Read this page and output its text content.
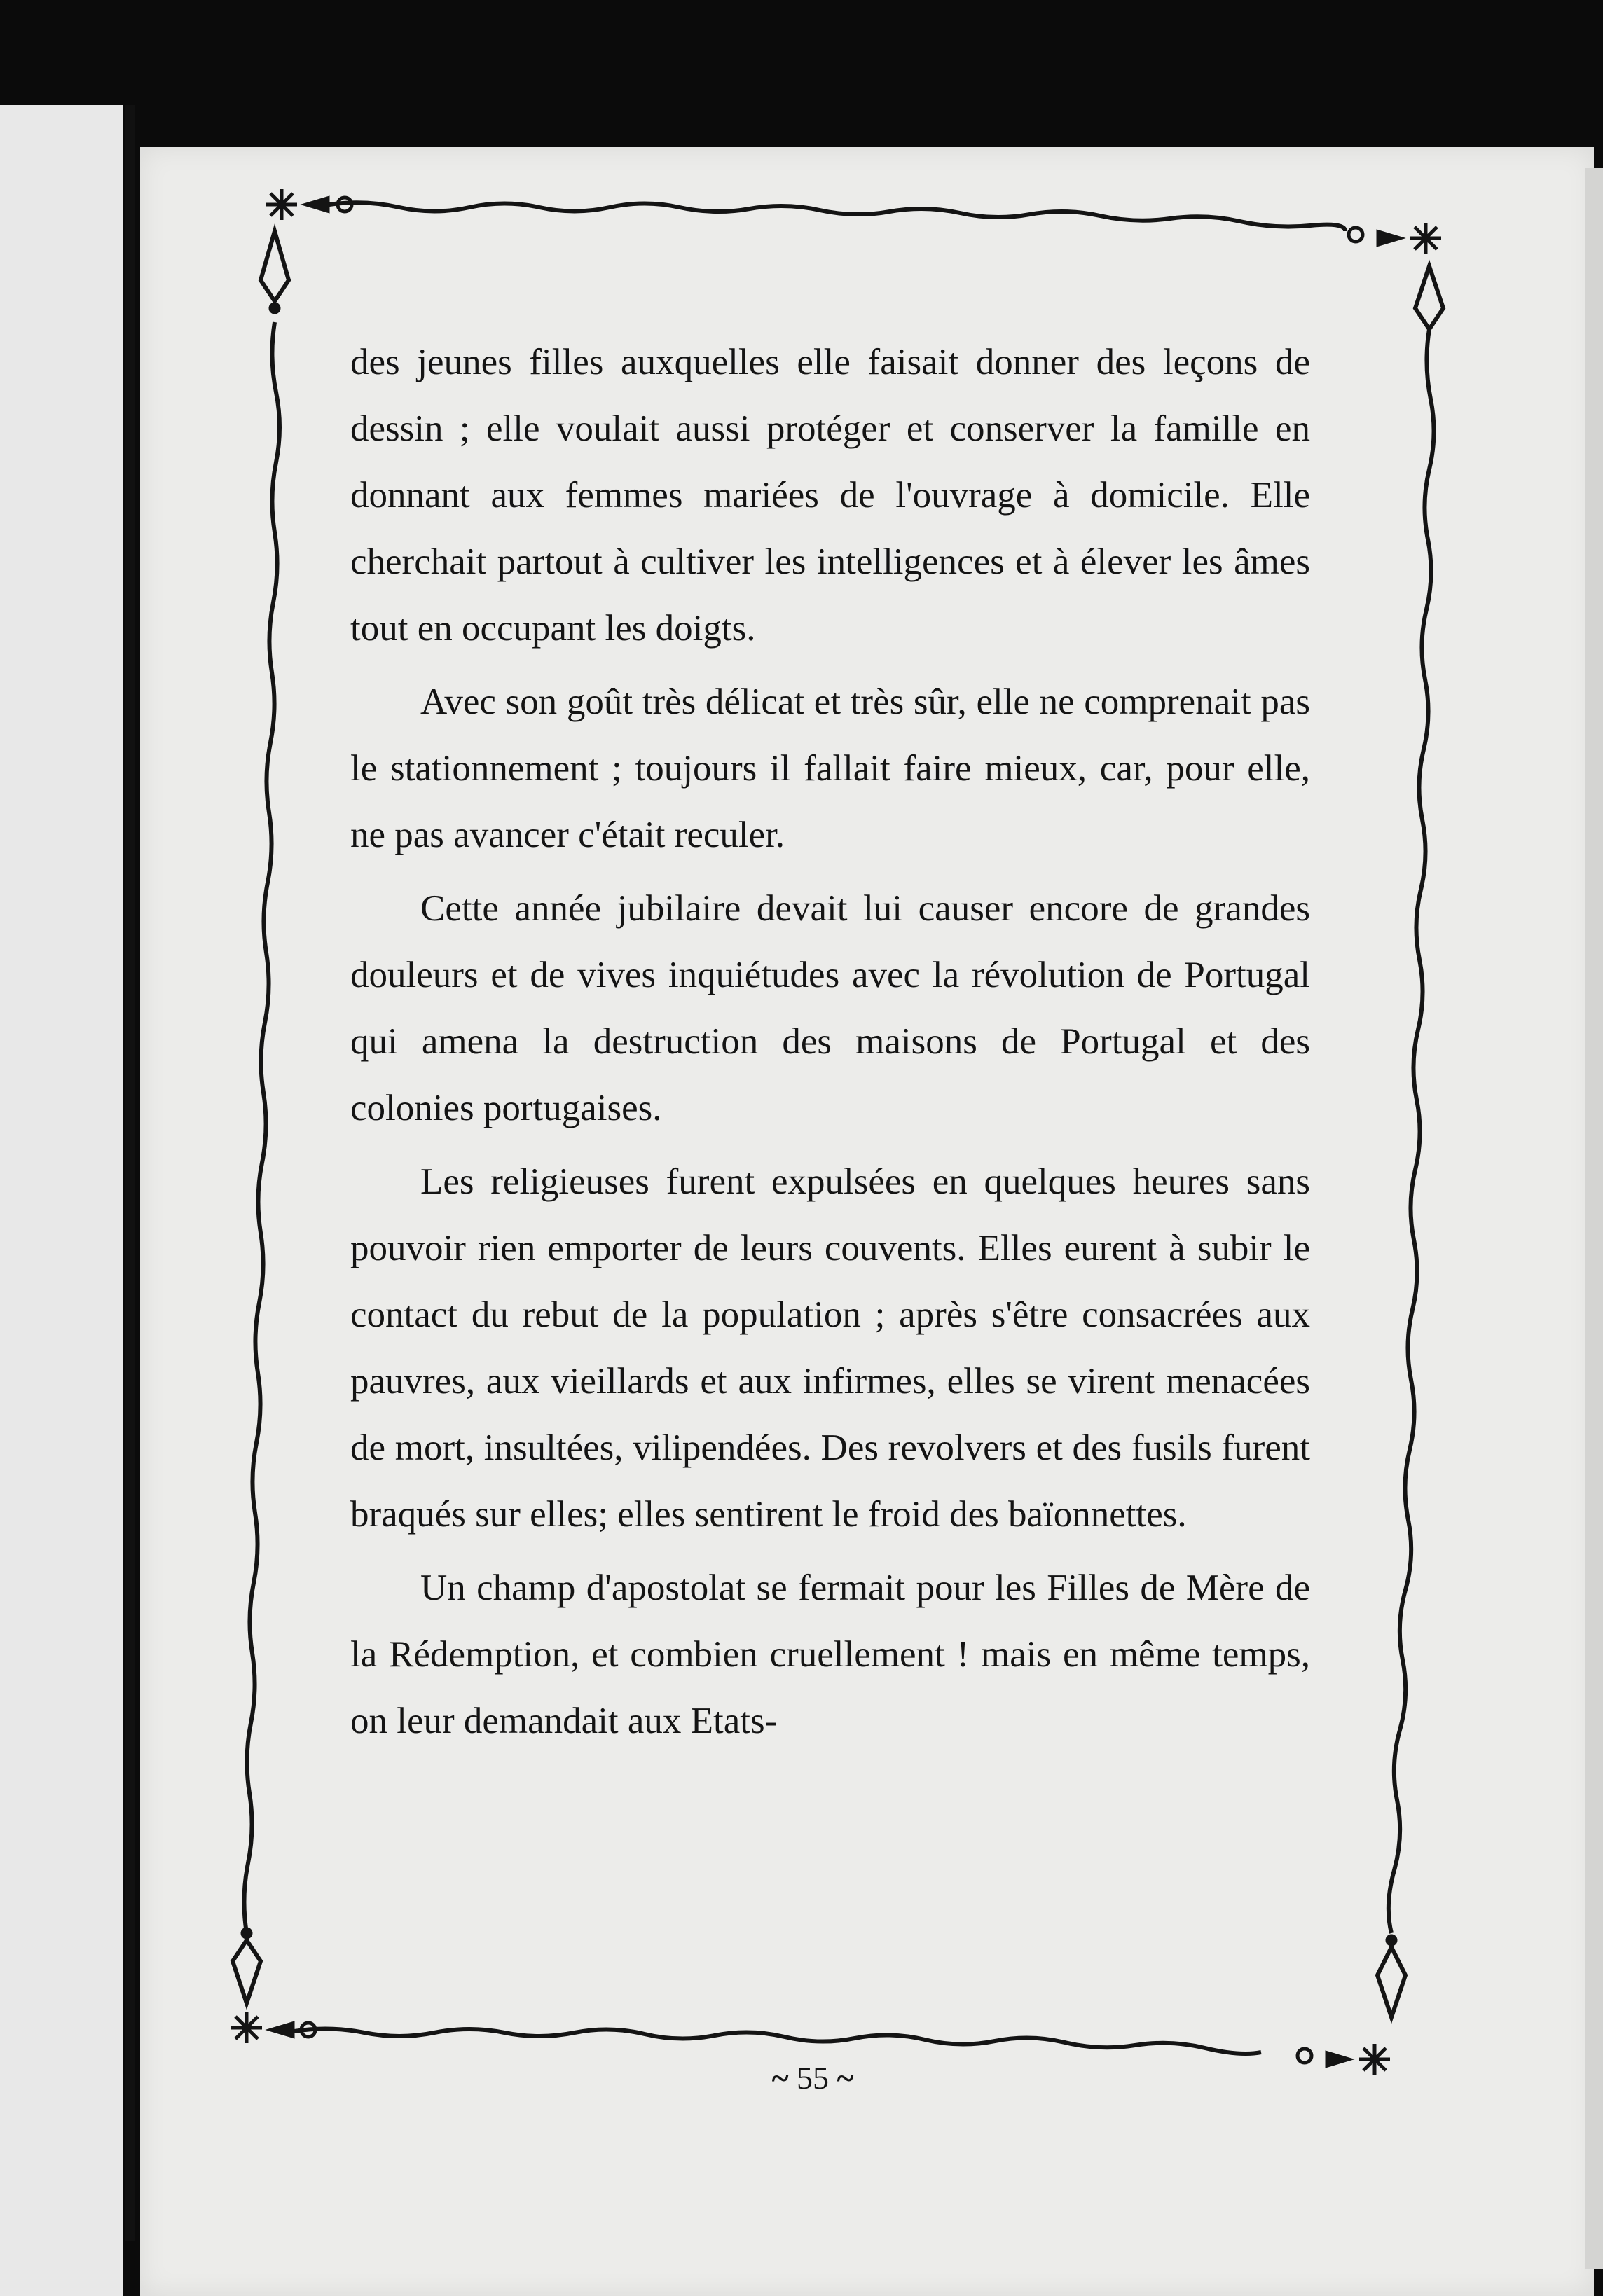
des jeunes filles auxquelles elle faisait donner des leçons de dessin ; elle voulait aussi protéger et conserver la famille en donnant aux femmes mariées de l'ouvrage à domicile. Elle cherchait partout à cultiver les intelligences et à élever les âmes tout en occupant les doigts.

Avec son goût très délicat et très sûr, elle ne comprenait pas le stationnement ; toujours il fallait faire mieux, car, pour elle, ne pas avancer c'était reculer.

Cette année jubilaire devait lui causer encore de grandes douleurs et de vives inquiétudes avec la révolution de Portugal qui amena la destruction des maisons de Portugal et des colonies portugaises.

Les religieuses furent expulsées en quelques heures sans pouvoir rien emporter de leurs couvents. Elles eurent à subir le contact du rebut de la population ; après s'être consacrées aux pauvres, aux vieillards et aux infirmes, elles se virent menacées de mort, insultées, vilipendées. Des revolvers et des fusils furent braqués sur elles; elles sentirent le froid des baïonnettes.

Un champ d'apostolat se fermait pour les Filles de Mère de la Rédemption, et combien cruellement ! mais en même temps, on leur demandait aux Etats-

~ 55 ~
